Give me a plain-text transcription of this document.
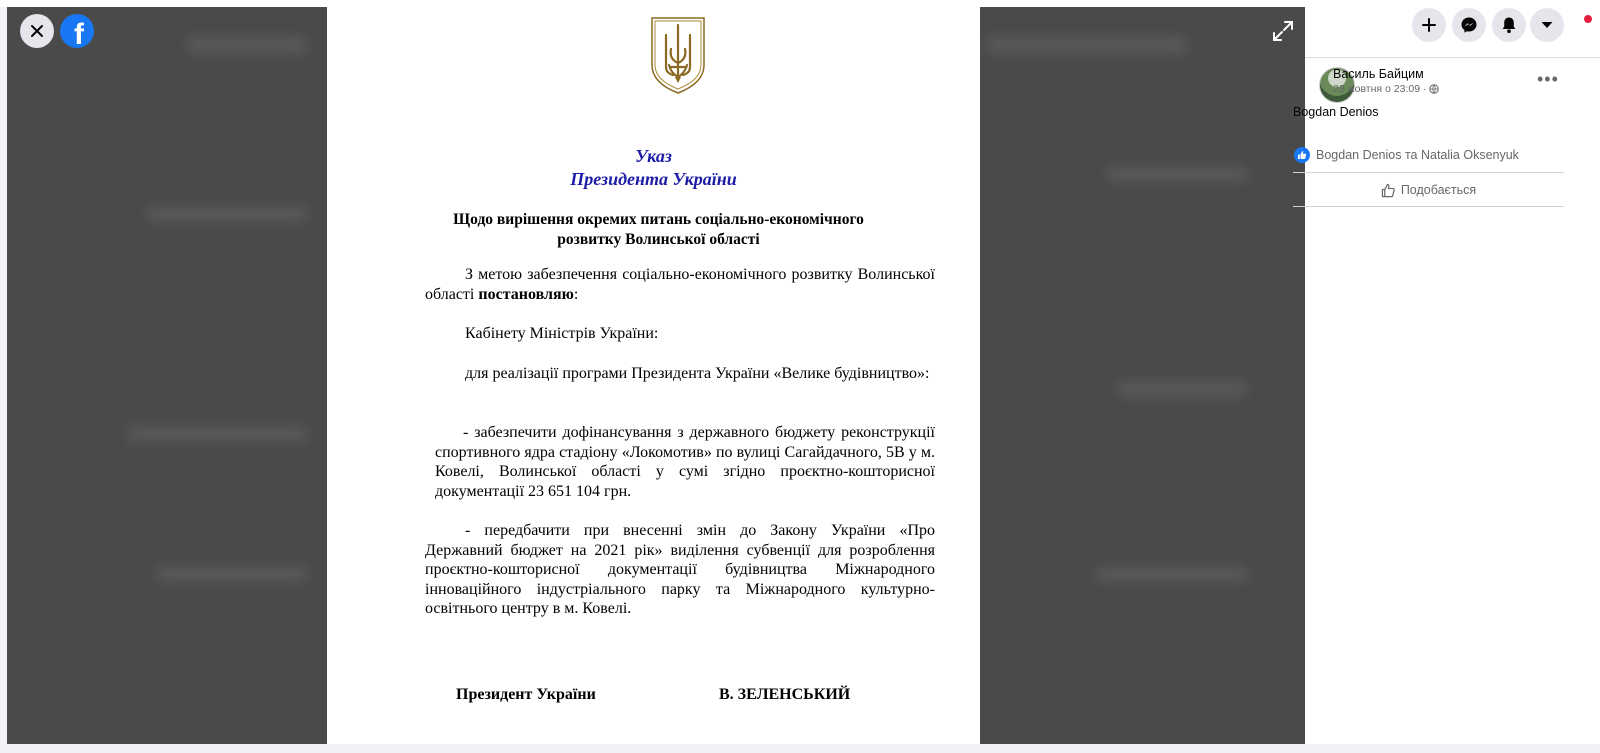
f
Указ
Президента України
Щодо вирішення окремих питань соціально-економічного розвитку Волинської області
З метою забезпечення соціально-економічного розвитку Волинської області постановляю:
Кабінету Міністрів України:
для реалізації програми Президента України «Велике будівництво»:
- забезпечити дофінансування з державного бюджету реконструкції спортивного ядра стадіону «Локомотив» по вулиці Сагайдачного, 5В у м. Ковелі, Волинської області у сумі згідно проєктно-кошторисної документації 23 651 104 грн.
- передбачити при внесенні змін до Закону України «Про Державний бюджет на 2021 рік» виділення субвенції для розроблення проєктно-кошторисної документації будівництва Міжнародного інноваційного індустріального парку та Міжнародного культурно-освітнього центру в м. Ковелі.
Президент України	В. ЗЕЛЕНСЬКИЙ
Василь Байцим
23 жовтня о 23:09 ·	•••
Bogdan Denios
Bogdan Denios та Natalia Oksenyuk
Подобається
